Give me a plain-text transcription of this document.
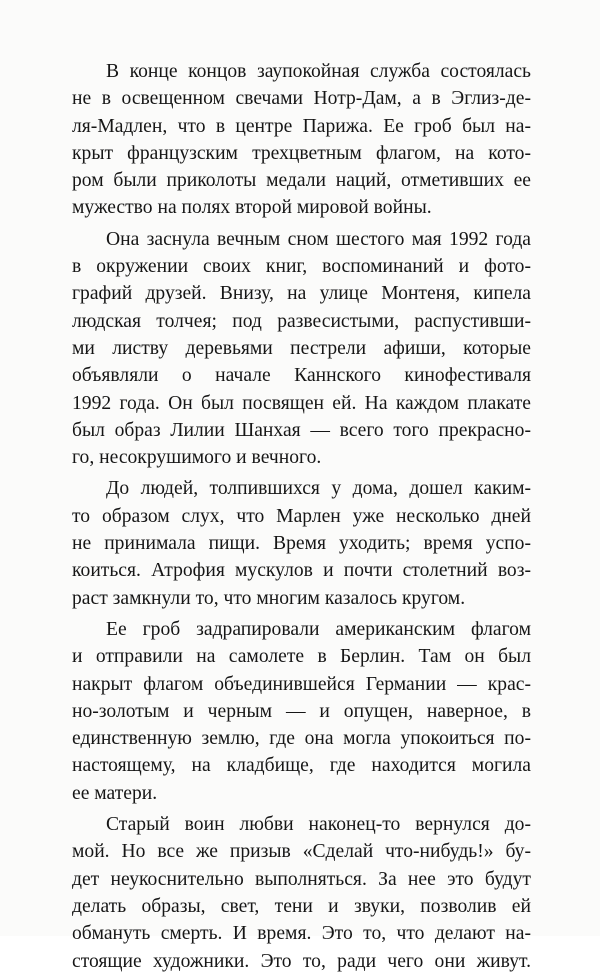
В конце концов заупокойная служба состоялась
не в освещенном свечами Нотр-Дам, а в Эглиз-де-
ля-Мадлен, что в центре Парижа. Ее гроб был на-
крыт французским трехцветным флагом, на кото-
ром были приколоты медали наций, отметивших ее
мужество на полях второй мировой войны.

Она заснула вечным сном шестого мая 1992 года
в окружении своих книг, воспоминаний и фото-
графий друзей. Внизу, на улице Монтеня, кипела
людская толчея; под развесистыми, распустивши-
ми листву деревьями пестрели афиши, которые
объявляли о начале Каннского кинофестиваля
1992 года. Он был посвящен ей. На каждом плакате
был образ Лилии Шанхая — всего того прекрасно-
го, несокрушимого и вечного.

До людей, толпившихся у дома, дошел каким-
то образом слух, что Марлен уже несколько дней
не принимала пищи. Время уходить; время успо-
коиться. Атрофия мускулов и почти столетний воз-
раст замкнули то, что многим казалось кругом.

Ее гроб задрапировали американским флагом
и отправили на самолете в Берлин. Там он был
накрыт флагом объединившейся Германии — крас-
но-золотым и черным — и опущен, наверное, в
единственную землю, где она могла упокоиться по-
настоящему, на кладбище, где находится могила
ее матери.

Старый воин любви наконец-то вернулся до-
мой. Но все же призыв «Сделай что-нибудь!» бу-
дет неукоснительно выполняться. За нее это будут
делать образы, свет, тени и звуки, позволив ей
обмануть смерть. И время. Это то, что делают на-
стоящие художники. Это то, ради чего они живут.
